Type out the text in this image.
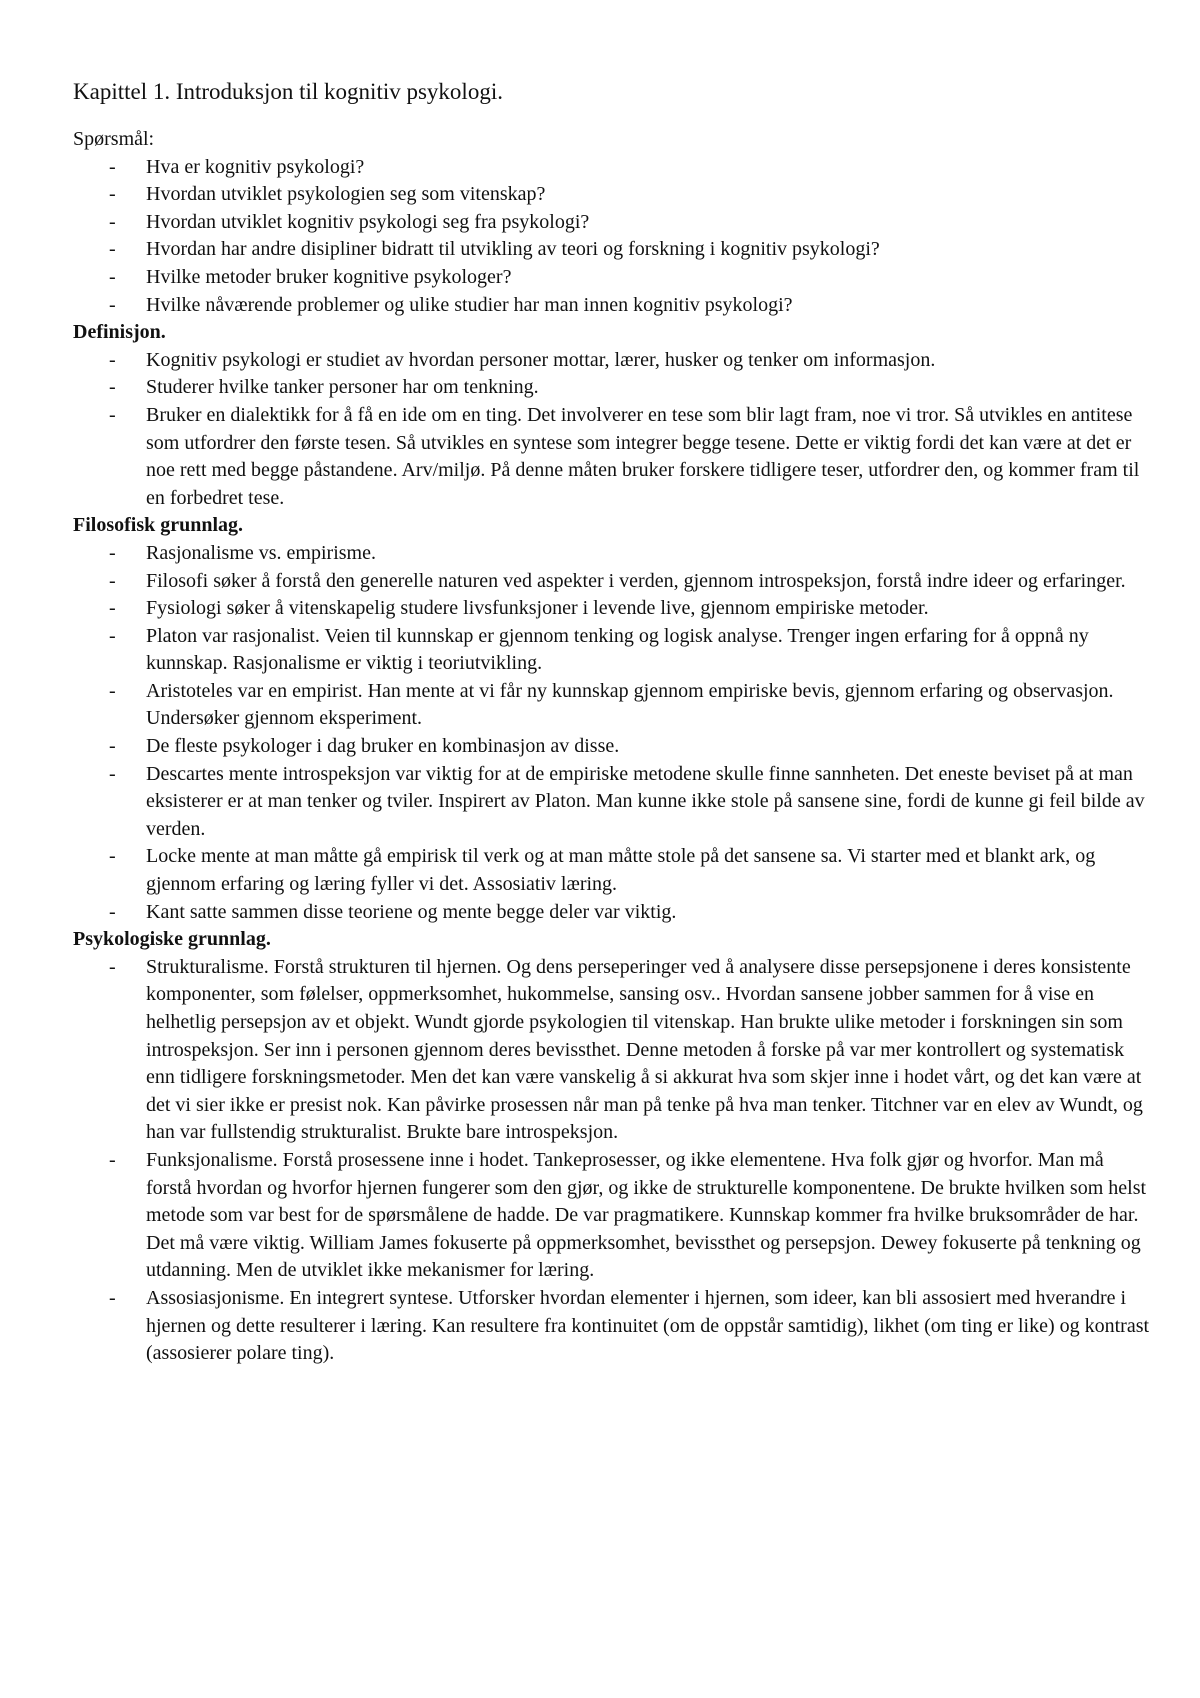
Kapittel 1. Introduksjon til kognitiv psykologi.
Spørsmål:
- Hva er kognitiv psykologi?
- Hvordan utviklet psykologien seg som vitenskap?
- Hvordan utviklet kognitiv psykologi seg fra psykologi?
- Hvordan har andre disipliner bidratt til utvikling av teori og forskning i kognitiv psykologi?
- Hvilke metoder bruker kognitive psykologer?
- Hvilke nåværende problemer og ulike studier har man innen kognitiv psykologi?
Definisjon.
- Kognitiv psykologi er studiet av hvordan personer mottar, lærer, husker og tenker om informasjon.
- Studerer hvilke tanker personer har om tenkning.
- Bruker en dialektikk for å få en ide om en ting. Det involverer en tese som blir lagt fram, noe vi tror. Så utvikles en antitese som utfordrer den første tesen. Så utvikles en syntese som integrer begge tesene. Dette er viktig fordi det kan være at det er noe rett med begge påstandene. Arv/miljø. På denne måten bruker forskere tidligere teser, utfordrer den, og kommer fram til en forbedret tese.
Filosofisk grunnlag.
- Rasjonalisme vs. empirisme.
- Filosofi søker å forstå den generelle naturen ved aspekter i verden, gjennom introspeksjon, forstå indre ideer og erfaringer.
- Fysiologi søker å vitenskapelig studere livsfunksjoner i levende live, gjennom empiriske metoder.
- Platon var rasjonalist. Veien til kunnskap er gjennom tenking og logisk analyse. Trenger ingen erfaring for å oppnå ny kunnskap. Rasjonalisme er viktig i teoriutvikling.
- Aristoteles var en empirist. Han mente at vi får ny kunnskap gjennom empiriske bevis, gjennom erfaring og observasjon. Undersøker gjennom eksperiment.
- De fleste psykologer i dag bruker en kombinasjon av disse.
- Descartes mente introspeksjon var viktig for at de empiriske metodene skulle finne sannheten. Det eneste beviset på at man eksisterer er at man tenker og tviler. Inspirert av Platon. Man kunne ikke stole på sansene sine, fordi de kunne gi feil bilde av verden.
- Locke mente at man måtte gå empirisk til verk og at man måtte stole på det sansene sa. Vi starter med et blankt ark, og gjennom erfaring og læring fyller vi det. Assosiativ læring.
- Kant satte sammen disse teoriene og mente begge deler var viktig.
Psykologiske grunnlag.
- Strukturalisme. Forstå strukturen til hjernen. Og dens perseperinger ved å analysere disse persepsjonene i deres konsistente komponenter, som følelser, oppmerksomhet, hukommelse, sansing osv.. Hvordan sansene jobber sammen for å vise en helhetlig persepsjon av et objekt. Wundt gjorde psykologien til vitenskap. Han brukte ulike metoder i forskningen sin som introspeksjon. Ser inn i personen gjennom deres bevissthet. Denne metoden å forske på var mer kontrollert og systematisk enn tidligere forskningsmetoder. Men det kan være vanskelig å si akkurat hva som skjer inne i hodet vårt, og det kan være at det vi sier ikke er presist nok. Kan påvirke prosessen når man på tenke på hva man tenker. Titchner var en elev av Wundt, og han var fullstendig strukturalist. Brukte bare introspeksjon.
- Funksjonalisme. Forstå prosessene inne i hodet. Tankeprosesser, og ikke elementene. Hva folk gjør og hvorfor. Man må forstå hvordan og hvorfor hjernen fungerer som den gjør, og ikke de strukturelle komponentene. De brukte hvilken som helst metode som var best for de spørsmålene de hadde. De var pragmatikere. Kunnskap kommer fra hvilke bruksområder de har. Det må være viktig. William James fokuserte på oppmerksomhet, bevissthet og persepsjon. Dewey fokuserte på tenkning og utdanning. Men de utviklet ikke mekanismer for læring.
- Assosiasjonisme. En integrert syntese. Utforsker hvordan elementer i hjernen, som ideer, kan bli assosiert med hverandre i hjernen og dette resulterer i læring. Kan resultere fra kontinuitet (om de oppstår samtidig), likhet (om ting er like) og kontrast (assosierer polare ting).
